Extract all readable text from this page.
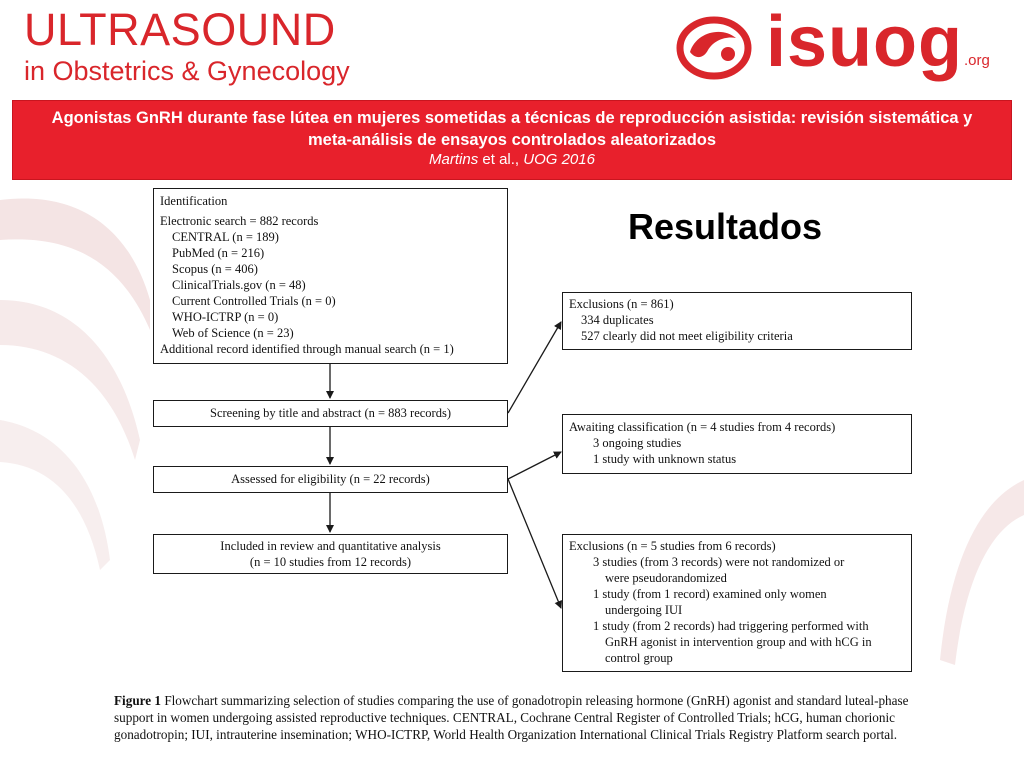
ULTRASOUND
in Obstetrics & Gynecology	isuog .org
Agonistas GnRH durante fase lútea en mujeres sometidas a técnicas de reproducción asistida: revisión sistemática y meta-análisis de ensayos controlados aleatorizados
Martins et al., UOG 2016
Resultados
Identification
Electronic search = 882 records
CENTRAL (n = 189)
PubMed (n = 216)
Scopus (n = 406)
ClinicalTrials.gov (n = 48)
Current Controlled Trials (n = 0)
WHO-ICTRP (n = 0)
Web of Science (n = 23)
Additional record identified through manual search (n = 1)
Screening by title and abstract (n = 883 records)
Assessed for eligibility (n = 22 records)
Included in review and quantitative analysis
(n = 10 studies from 12 records)
Exclusions (n = 861)
334 duplicates
527 clearly did not meet eligibility criteria
Awaiting classification (n = 4 studies from 4 records)
3 ongoing studies
1 study with unknown status
Exclusions (n = 5 studies from 6 records)
3 studies (from 3 records) were not randomized or
were pseudorandomized
1 study (from 1 record) examined only women
undergoing IUI
1 study (from 2 records) had triggering performed with
GnRH agonist in intervention group and with hCG in
control group
Figure 1 Flowchart summarizing selection of studies comparing the use of gonadotropin releasing hormone (GnRH) agonist and standard luteal-phase support in women undergoing assisted reproductive techniques. CENTRAL, Cochrane Central Register of Controlled Trials; hCG, human chorionic gonadotropin; IUI, intrauterine insemination; WHO-ICTRP, World Health Organization International Clinical Trials Registry Platform search portal.
